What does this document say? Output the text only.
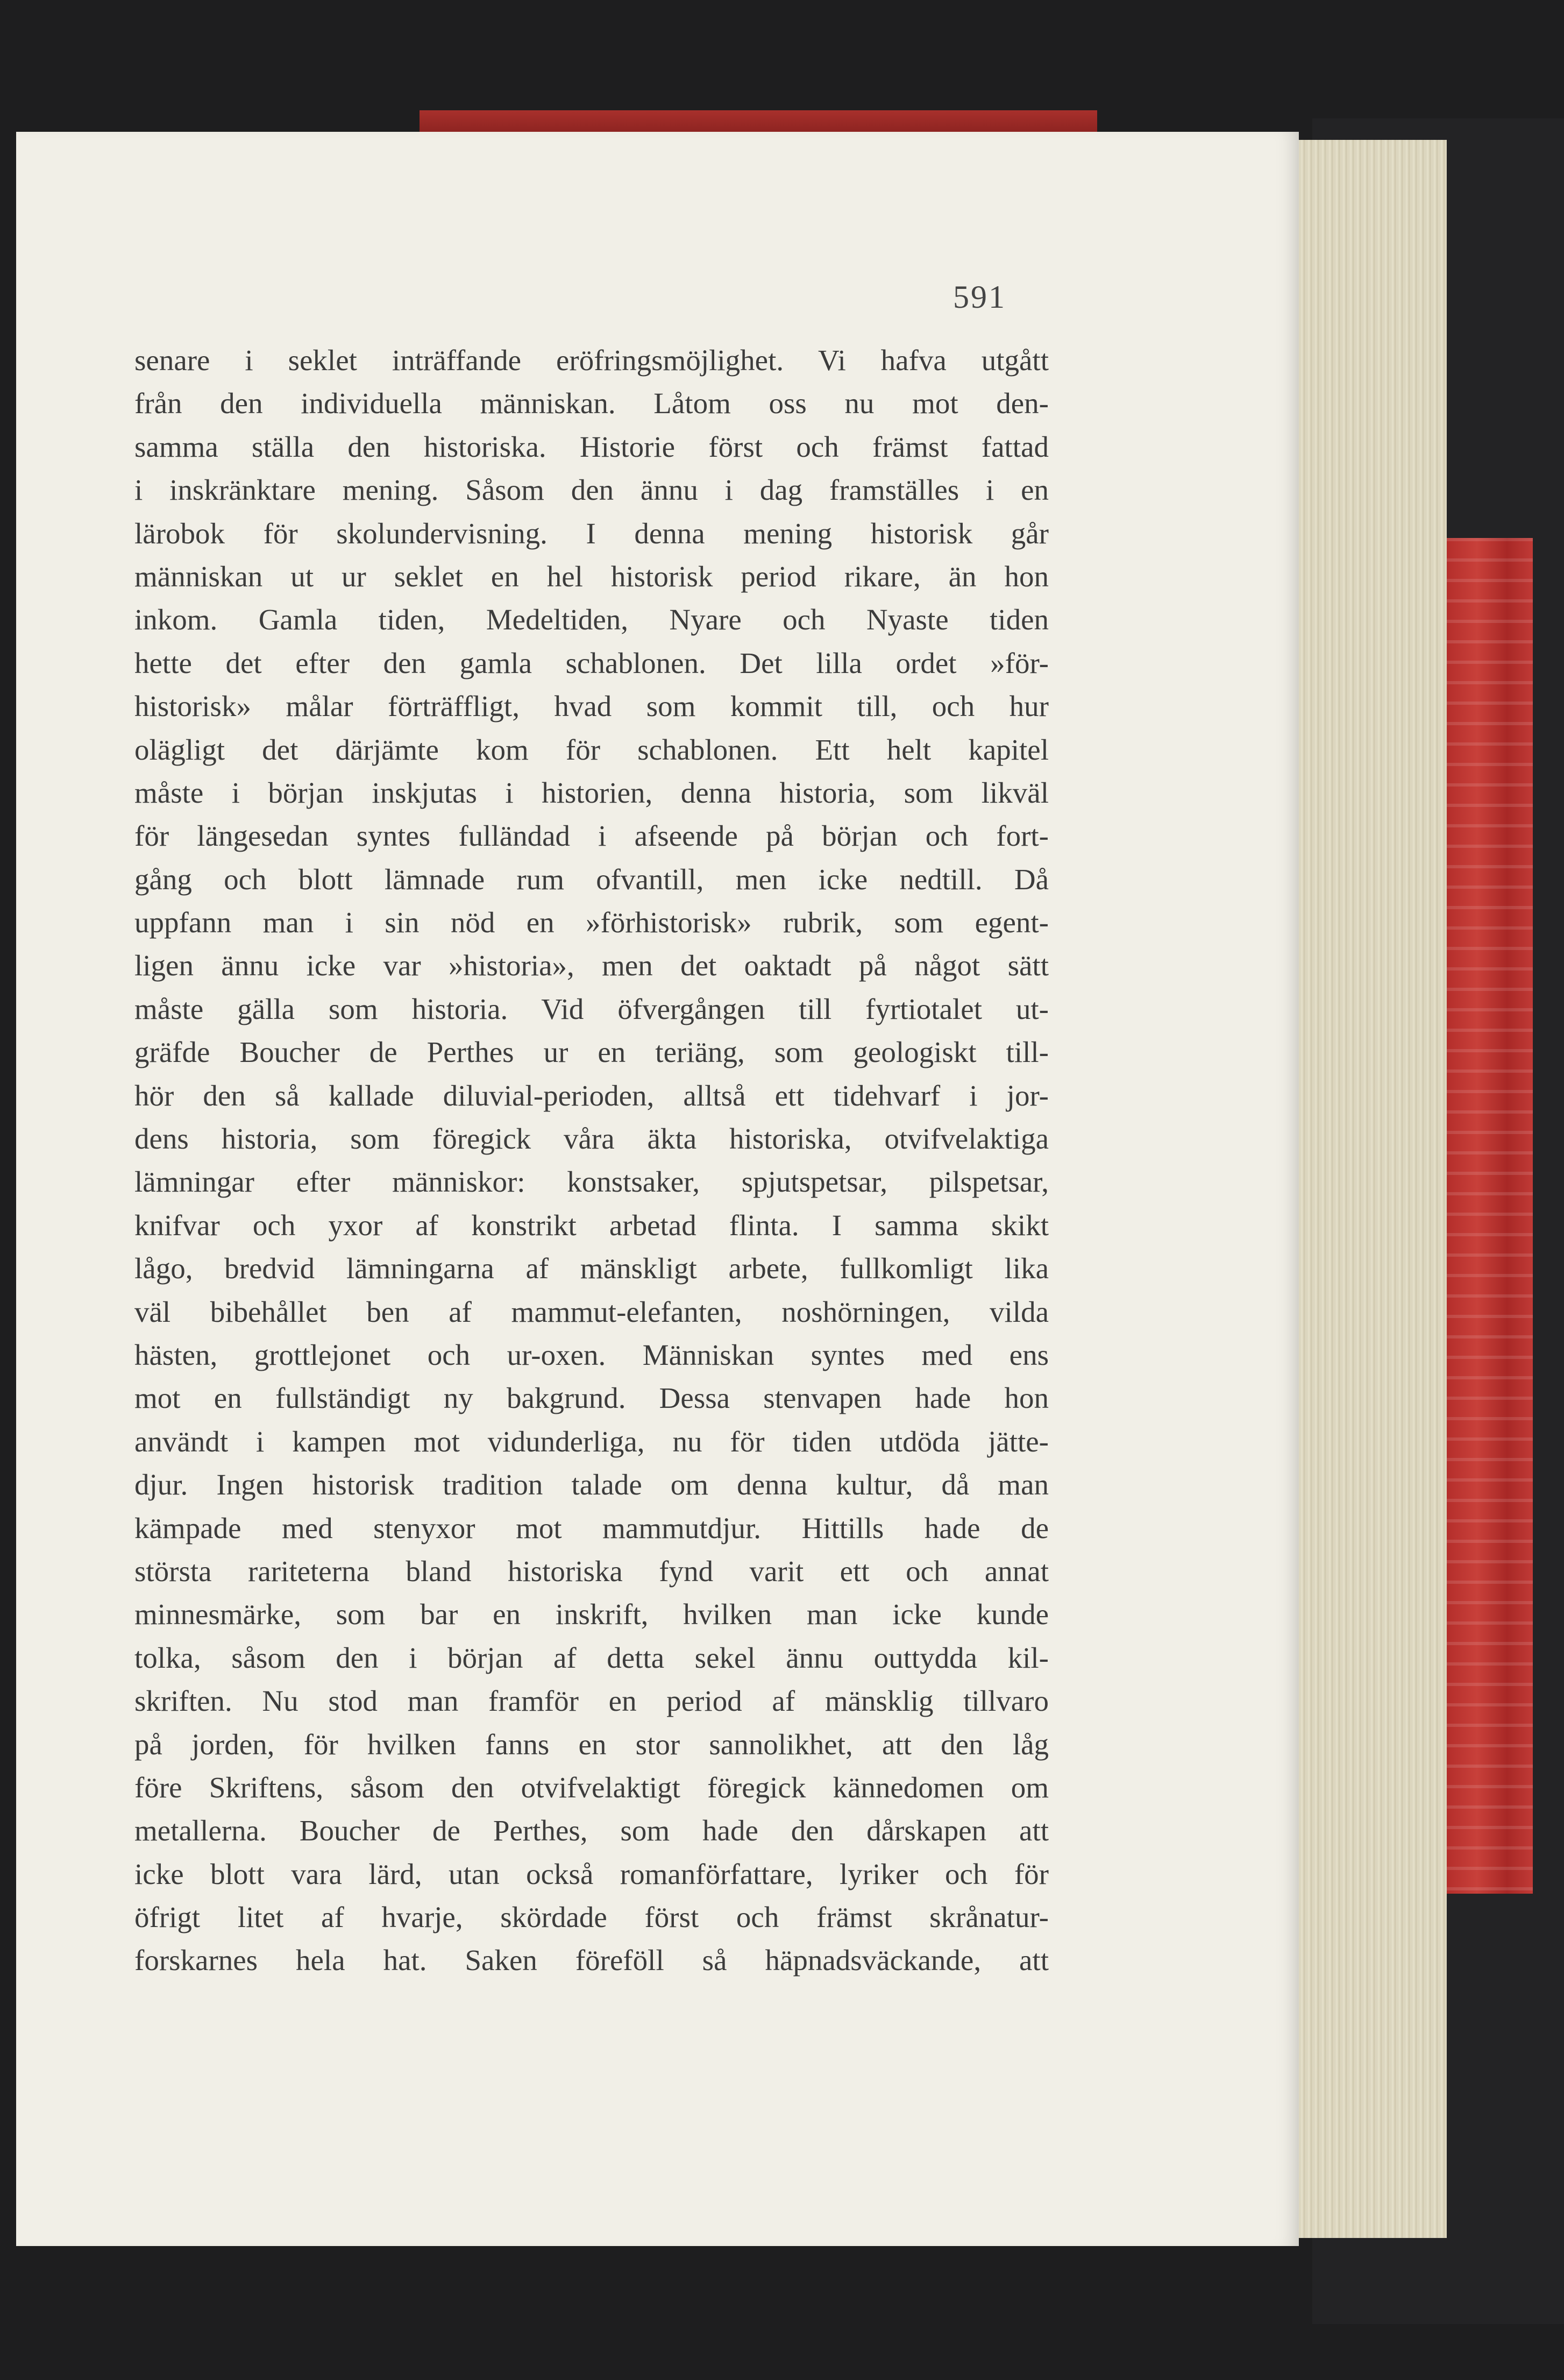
591
senare i seklet inträffande eröfringsmöjlighet. Vi hafva utgått
från den individuella människan. Låtom oss nu mot den-
samma ställa den historiska. Historie först och främst fattad
i inskränktare mening. Såsom den ännu i dag framställes i en
lärobok för skolundervisning. I denna mening historisk går
människan ut ur seklet en hel historisk period rikare, än hon
inkom. Gamla tiden, Medeltiden, Nyare och Nyaste tiden
hette det efter den gamla schablonen. Det lilla ordet »för-
historisk» målar förträffligt, hvad som kommit till, och hur
olägligt det därjämte kom för schablonen. Ett helt kapitel
måste i början inskjutas i historien, denna historia, som likväl
för längesedan syntes fulländad i afseende på början och fort-
gång och blott lämnade rum ofvantill, men icke nedtill. Då
uppfann man i sin nöd en »förhistorisk» rubrik, som egent-
ligen ännu icke var »historia», men det oaktadt på något sätt
måste gälla som historia. Vid öfvergången till fyrtiotalet ut-
gräfde Boucher de Perthes ur en teriäng, som geologiskt till-
hör den så kallade diluvial-perioden, alltså ett tidehvarf i jor-
dens historia, som föregick våra äkta historiska, otvifvelaktiga
lämningar efter människor: konstsaker, spjutspetsar, pilspetsar,
knifvar och yxor af konstrikt arbetad flinta. I samma skikt
lågo, bredvid lämningarna af mänskligt arbete, fullkomligt lika
väl bibehållet ben af mammut-elefanten, noshörningen, vilda
hästen, grottlejonet och ur-oxen. Människan syntes med ens
mot en fullständigt ny bakgrund. Dessa stenvapen hade hon
användt i kampen mot vidunderliga, nu för tiden utdöda jätte-
djur. Ingen historisk tradition talade om denna kultur, då man
kämpade med stenyxor mot mammutdjur. Hittills hade de
största rariteterna bland historiska fynd varit ett och annat
minnesmärke, som bar en inskrift, hvilken man icke kunde
tolka, såsom den i början af detta sekel ännu outtydda kil-
skriften. Nu stod man framför en period af mänsklig tillvaro
på jorden, för hvilken fanns en stor sannolikhet, att den låg
före Skriftens, såsom den otvifvelaktigt föregick kännedomen om
metallerna. Boucher de Perthes, som hade den dårskapen att
icke blott vara lärd, utan också romanförfattare, lyriker och för
öfrigt litet af hvarje, skördade först och främst skrånatur-
forskarnes hela hat. Saken föreföll så häpnadsväckande, att
